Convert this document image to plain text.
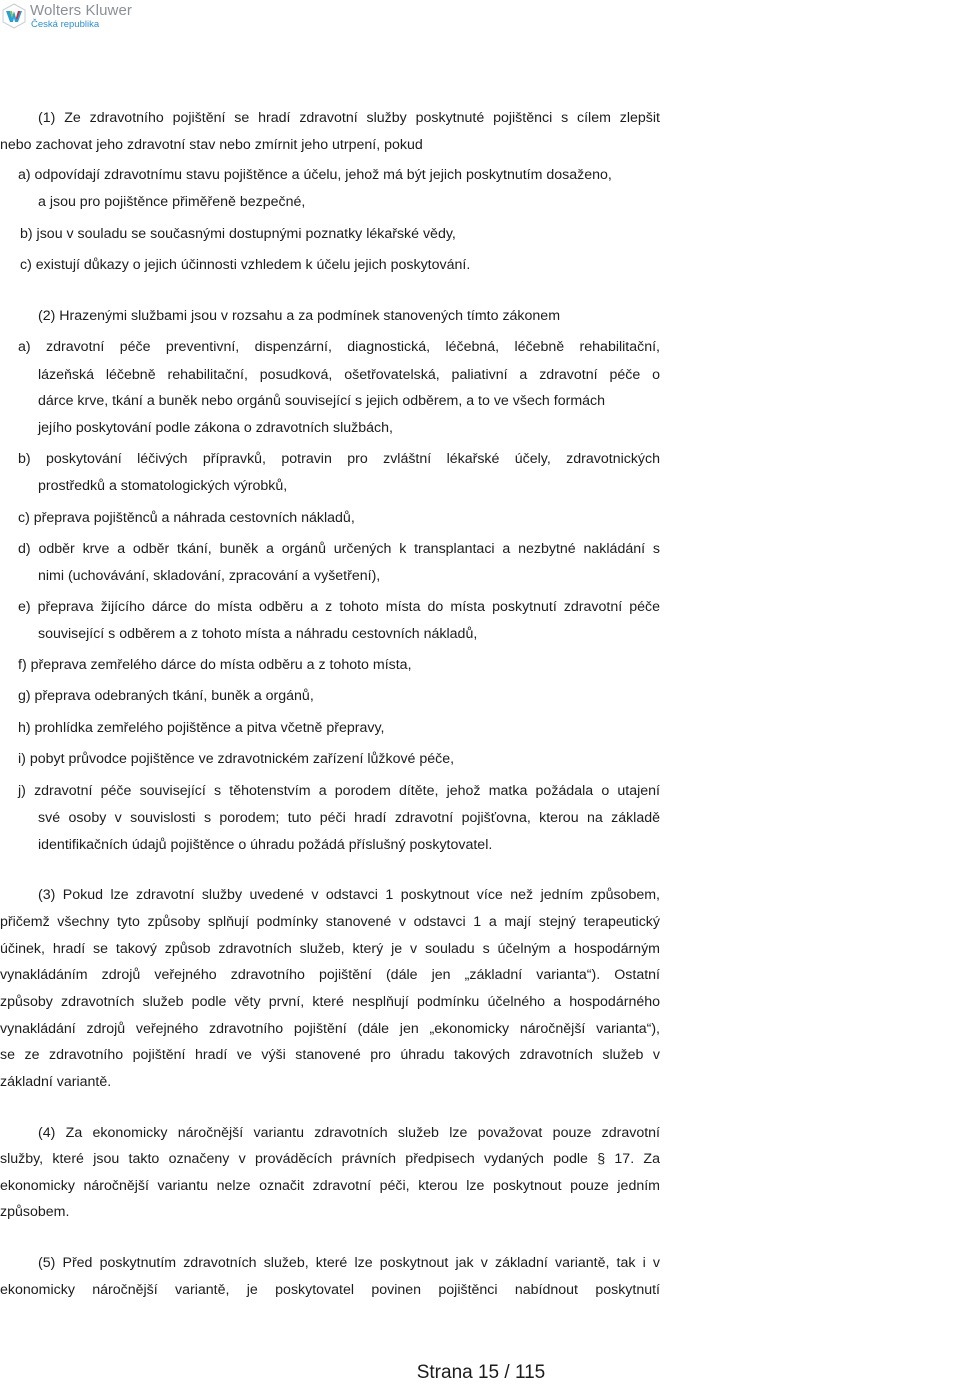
Wolters Kluwer
Česká republika
(1) Ze zdravotního pojištění se hradí zdravotní služby poskytnuté pojištěnci s cílem zlepšit
nebo zachovat jeho zdravotní stav nebo zmírnit jeho utrpení, pokud
a) odpovídají zdravotnímu stavu pojištěnce a účelu, jehož má být jejich poskytnutím dosaženo,
a jsou pro pojištěnce přiměřeně bezpečné,
b) jsou v souladu se současnými dostupnými poznatky lékařské vědy,
c) existují důkazy o jejich účinnosti vzhledem k účelu jejich poskytování.
(2) Hrazenými službami jsou v rozsahu a za podmínek stanovených tímto zákonem
a) zdravotní péče preventivní, dispenzární, diagnostická, léčebná, léčebně rehabilitační,
lázeňská léčebně rehabilitační, posudková, ošetřovatelská, paliativní a zdravotní péče o
dárce krve, tkání a buněk nebo orgánů související s jejich odběrem, a to ve všech formách
jejího poskytování podle zákona o zdravotních službách,
b) poskytování léčivých přípravků, potravin pro zvláštní lékařské účely, zdravotnických
prostředků a stomatologických výrobků,
c) přeprava pojištěnců a náhrada cestovních nákladů,
d) odběr krve a odběr tkání, buněk a orgánů určených k transplantaci a nezbytné nakládání s
nimi (uchovávání, skladování, zpracování a vyšetření),
e) přeprava žijícího dárce do místa odběru a z tohoto místa do místa poskytnutí zdravotní péče
související s odběrem a z tohoto místa a náhradu cestovních nákladů,
f) přeprava zemřelého dárce do místa odběru a z tohoto místa,
g) přeprava odebraných tkání, buněk a orgánů,
h) prohlídka zemřelého pojištěnce a pitva včetně přepravy,
i) pobyt průvodce pojištěnce ve zdravotnickém zařízení lůžkové péče,
j) zdravotní péče související s těhotenstvím a porodem dítěte, jehož matka požádala o utajení
své osoby v souvislosti s porodem; tuto péči hradí zdravotní pojišťovna, kterou na základě
identifikačních údajů pojištěnce o úhradu požádá příslušný poskytovatel.
(3) Pokud lze zdravotní služby uvedené v odstavci 1 poskytnout více než jedním způsobem,
přičemž všechny tyto způsoby splňují podmínky stanovené v odstavci 1 a mají stejný terapeutický
účinek, hradí se takový způsob zdravotních služeb, který je v souladu s účelným a hospodárným
vynakládáním zdrojů veřejného zdravotního pojištění (dále jen „základní varianta“). Ostatní
způsoby zdravotních služeb podle věty první, které nesplňují podmínku účelného a hospodárného
vynakládání zdrojů veřejného zdravotního pojištění (dále jen „ekonomicky náročnější varianta“),
se ze zdravotního pojištění hradí ve výši stanovené pro úhradu takových zdravotních služeb v
základní variantě.
(4) Za ekonomicky náročnější variantu zdravotních služeb lze považovat pouze zdravotní
služby, které jsou takto označeny v prováděcích právních předpisech vydaných podle § 17. Za
ekonomicky náročnější variantu nelze označit zdravotní péči, kterou lze poskytnout pouze jedním
způsobem.
(5) Před poskytnutím zdravotních služeb, které lze poskytnout jak v základní variantě, tak i v
ekonomicky náročnější variantě, je poskytovatel povinen pojištěnci nabídnout poskytnutí
Strana 15 / 115
